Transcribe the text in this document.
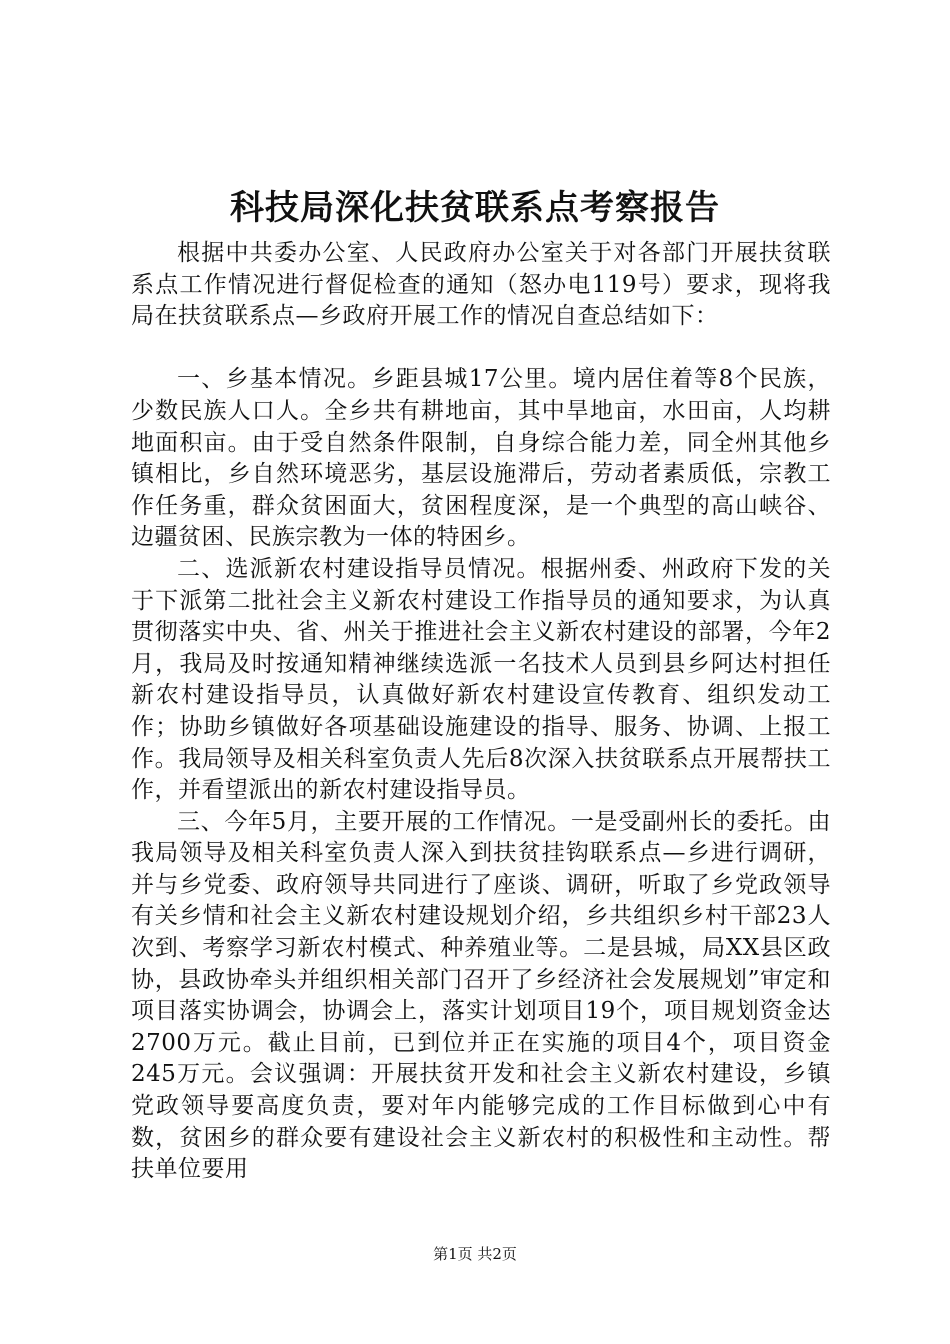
科技局深化扶贫联系点考察报告

根据中共委办公室、人民政府办公室关于对各部门开展扶贫联系点工作情况进行督促检查的通知（怒办电119号）要求，现将我局在扶贫联系点—乡政府开展工作的情况自查总结如下：

一、乡基本情况。乡距县城17公里。境内居住着等8个民族，少数民族人口人。全乡共有耕地亩，其中旱地亩，水田亩，人均耕地面积亩。由于受自然条件限制，自身综合能力差，同全州其他乡镇相比，乡自然环境恶劣，基层设施滞后，劳动者素质低，宗教工作任务重，群众贫困面大，贫困程度深，是一个典型的高山峡谷、边疆贫困、民族宗教为一体的特困乡。

二、选派新农村建设指导员情况。根据州委、州政府下发的关于下派第二批社会主义新农村建设工作指导员的通知要求，为认真贯彻落实中央、省、州关于推进社会主义新农村建设的部署，今年2月，我局及时按通知精神继续选派一名技术人员到县乡阿达村担任新农村建设指导员，认真做好新农村建设宣传教育、组织发动工作；协助乡镇做好各项基础设施建设的指导、服务、协调、上报工作。我局领导及相关科室负责人先后8次深入扶贫联系点开展帮扶工作，并看望派出的新农村建设指导员。

三、今年5月，主要开展的工作情况。一是受副州长的委托。由我局领导及相关科室负责人深入到扶贫挂钩联系点—乡进行调研，并与乡党委、政府领导共同进行了座谈、调研，听取了乡党政领导有关乡情和社会主义新农村建设规划介绍，乡共组织乡村干部23人次到、考察学习新农村模式、种养殖业等。二是县城，局XX县区政协，县政协牵头并组织相关部门召开了乡经济社会发展规划”审定和项目落实协调会，协调会上，落实计划项目19个，项目规划资金达2700万元。截止目前，已到位并正在实施的项目4个，项目资金245万元。会议强调：开展扶贫开发和社会主义新农村建设，乡镇党政领导要高度负责，要对年内能够完成的工作目标做到心中有数，贫困乡的群众要有建设社会主义新农村的积极性和主动性。帮扶单位要用

第1页 共2页
